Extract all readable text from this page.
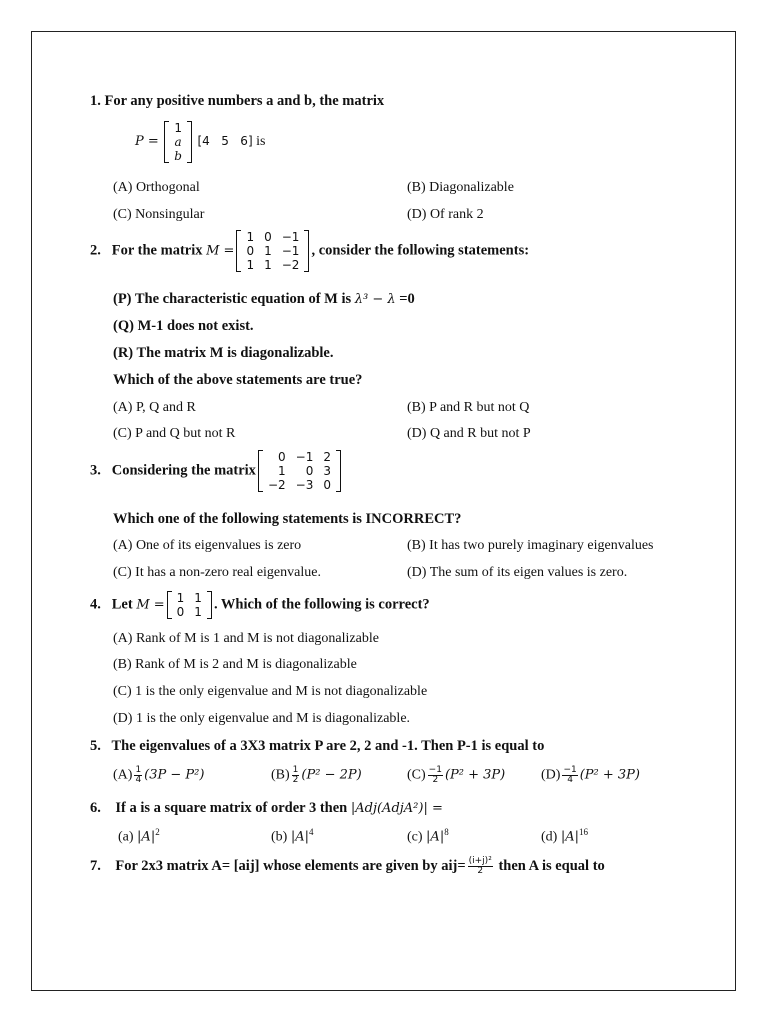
1. For any positive numbers a and b, the matrix
P =
1
a
b
[4   5   6] is
(A) Orthogonal	(B) Diagonalizable
(C) Nonsingular	(D) Of rank 2
2. For the matrix M =
1	0	−1
0	1	−1
1	1	−2
, consider the following statements:
(P) The characteristic equation of M is λ³ − λ =0
(Q) M-1 does not exist.
(R) The matrix M is diagonalizable.
Which of the above statements are true?
(A) P, Q and R	(B) P and R but not Q
(C) P and Q but not R	(D) Q and R but not P
3. Considering the matrix
0	−1	2
1	0	3
−2	−3	0
Which one of the following statements is INCORRECT?
(A) One of its eigenvalues is zero	(B) It has two purely imaginary eigenvalues
(C) It has a non-zero real eigenvalue.	(D) The sum of its eigen values is zero.
4. Let M = 1	1
0	1 . Which of the following is correct?
(A) Rank of M is 1 and M is not diagonalizable
(B) Rank of M is 2 and M is diagonalizable
(C) 1 is the only eigenvalue and M is not diagonalizable
(D) 1 is the only eigenvalue and M is diagonalizable.
5. The eigenvalues of a 3X3 matrix P are 2, 2 and -1. Then P-1 is equal to
$(A) \frac{1}{4} (3P - P^2)$	$(B) \frac{1}{2} (P^2 - 2P)$	$(C) \frac{-1}{2} (P^2 + 3P)$	$(D) \frac{-1}{4} (P^2 + 3P)$
6. If a is a square matrix of order 3 then |Adj(AdjA²)| =
(a) $|A|^2$	(b) $|A|^4$	(c) $|A|^8$	(d) $|A|^{16}$
7. For 2x3 matrix A= [aij] whose elements are given by $aij= \frac{\text{(i+j)²}}{2}$ then A is equal to
